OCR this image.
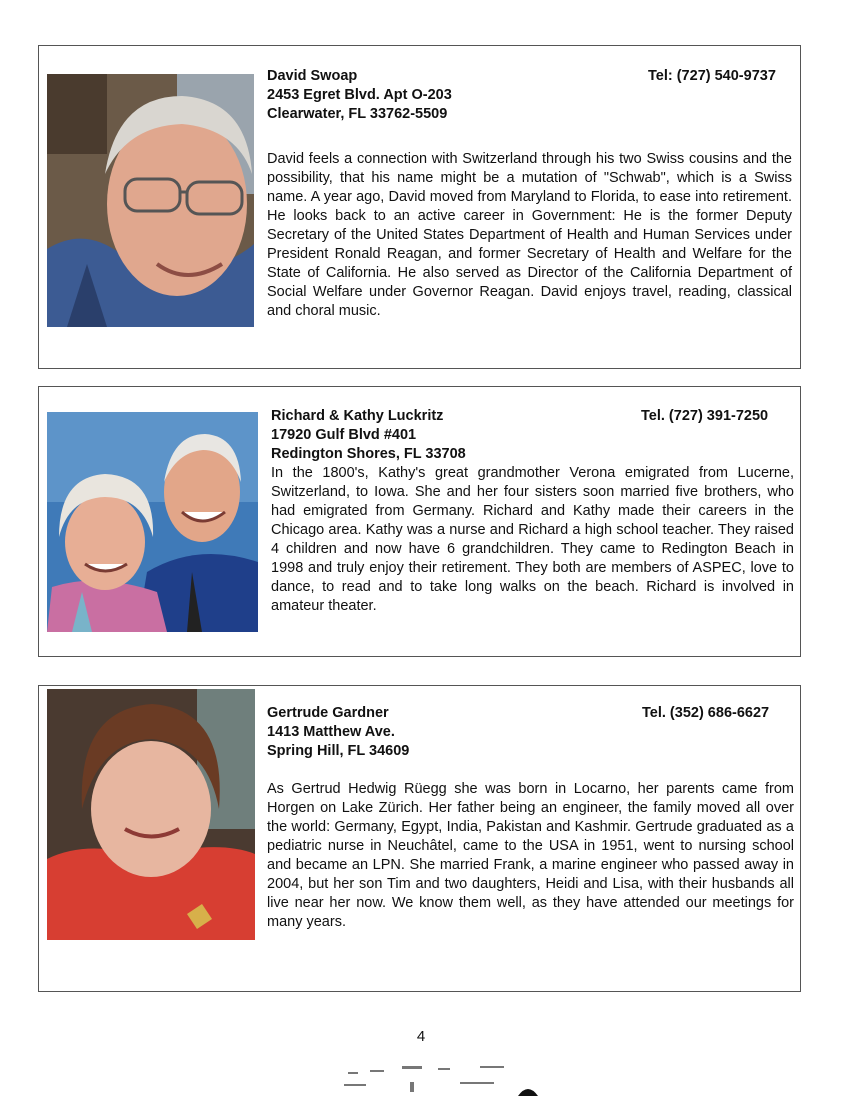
David Swoap
2453 Egret Blvd. Apt O-203
Clearwater, FL 33762-5509
Tel: (727) 540-9737
David feels a connection with Switzerland through his two Swiss cousins and the possibility, that his name might be a mutation of "Schwab", which is a Swiss name. A year ago, David moved from Maryland to Florida, to ease into retirement. He looks back to an active career in Government: He is the former Deputy Secretary of the United States Department of Health and Human Services under President Ronald Reagan, and former Secretary of Health and Welfare for the State of California. He also served as Director of the California Department of Social Welfare under Governor Reagan. David enjoys travel, reading, classical and choral music.
Richard & Kathy Luckritz
17920 Gulf Blvd #401
Redington Shores, FL 33708
Tel. (727) 391-7250
In the 1800's, Kathy's great grandmother Verona emigrated from Lucerne, Switzerland, to Iowa. She and her four sisters soon married five brothers, who had emigrated from Germany. Richard and Kathy made their careers in the Chicago area. Kathy was a nurse and Richard a high school teacher. They raised 4 children and now have 6 grandchildren. They came to Redington Beach in 1998 and truly enjoy their retirement. They both are members of ASPEC, love to dance, to read and to take long walks on the beach. Richard is involved in amateur theater.
Gertrude Gardner
1413 Matthew Ave.
Spring Hill, FL 34609
Tel. (352) 686-6627
As Gertrud Hedwig Rüegg she was born in Locarno, her parents came from Horgen on Lake Zürich. Her father being an engineer, the family moved all over the world: Germany, Egypt, India, Pakistan and Kashmir. Gertrude graduated as a pediatric nurse in Neuchâtel, came to the USA in 1951, went to nursing school and became an LPN. She married Frank, a marine engineer who passed away in 2004, but her son Tim and two daughters, Heidi and Lisa, with their husbands all live near her now. We know them well, as they have attended our meetings for many years.
4
